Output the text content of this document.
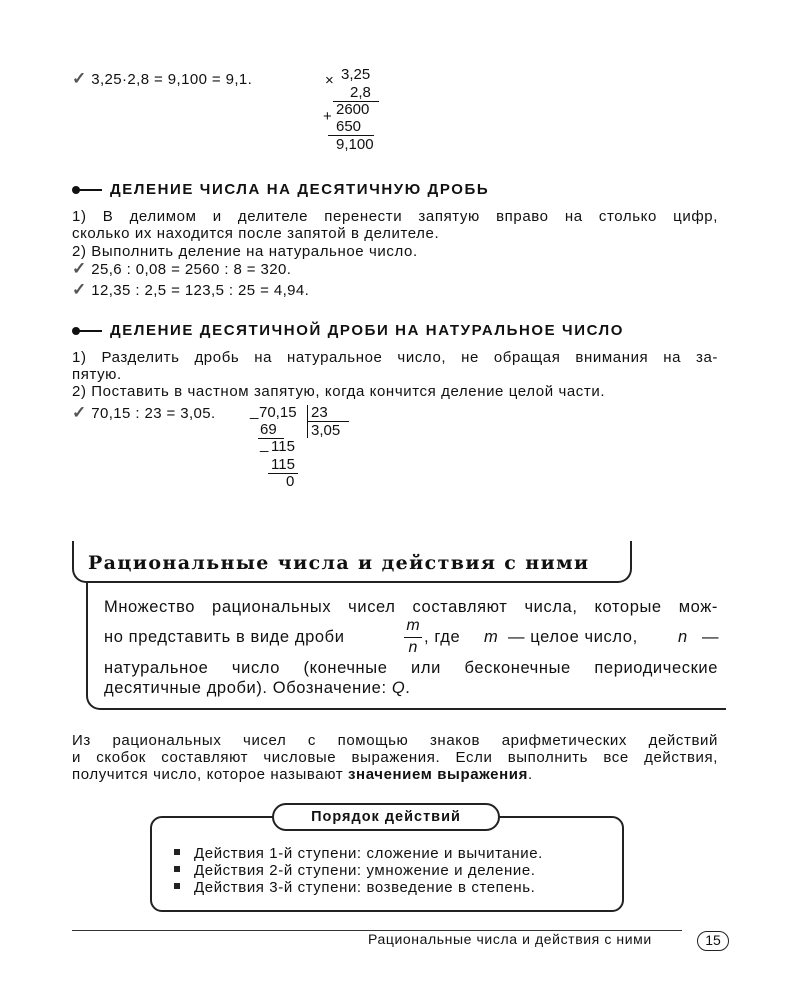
✓ 3,25·2,8 = 9,100 = 9,1.	× 3,25
2,8
+ 2600
650
9,100
ДЕЛЕНИЕ ЧИСЛА НА ДЕСЯТИЧНУЮ ДРОБЬ
1) В делимом и делителе перенести запятую вправо на столько цифр,
сколько их находится после запятой в делителе.
2) Выполнить деление на натуральное число.
✓ 25,6 : 0,08 = 2560 : 8 = 320.
✓ 12,35 : 2,5 = 123,5 : 25 = 4,94.
ДЕЛЕНИЕ ДЕСЯТИЧНОЙ ДРОБИ НА НАТУРАЛЬНОЕ ЧИСЛО
1) Разделить дробь на натуральное число, не обращая внимания на за-
пятую.
2) Поставить в частном запятую, когда кончится деление целой части.
✓ 70,15 : 23 = 3,05. _ 70,15 23
3,05
69
_ 115
115
0
Рациональные числа и действия с ними
Множество рациональных чисел составляют числа, которые мож-
но представить в виде дроби	, где m — целое число, n —
m
n
натуральное число (конечные или бесконечные периодические
десятичные дроби). Обозначение: Q.
Из рациональных чисел с помощью знаков арифметических действий
и скобок составляют числовые выражения. Если выполнить все действия,
получится число, которое называют значением выражения.
Порядок действий
Действия 1-й ступени: сложение и вычитание.
Действия 2-й ступени: умножение и деление.
Действия 3-й ступени: возведение в степень.
Рациональные числа и действия с ними	15
